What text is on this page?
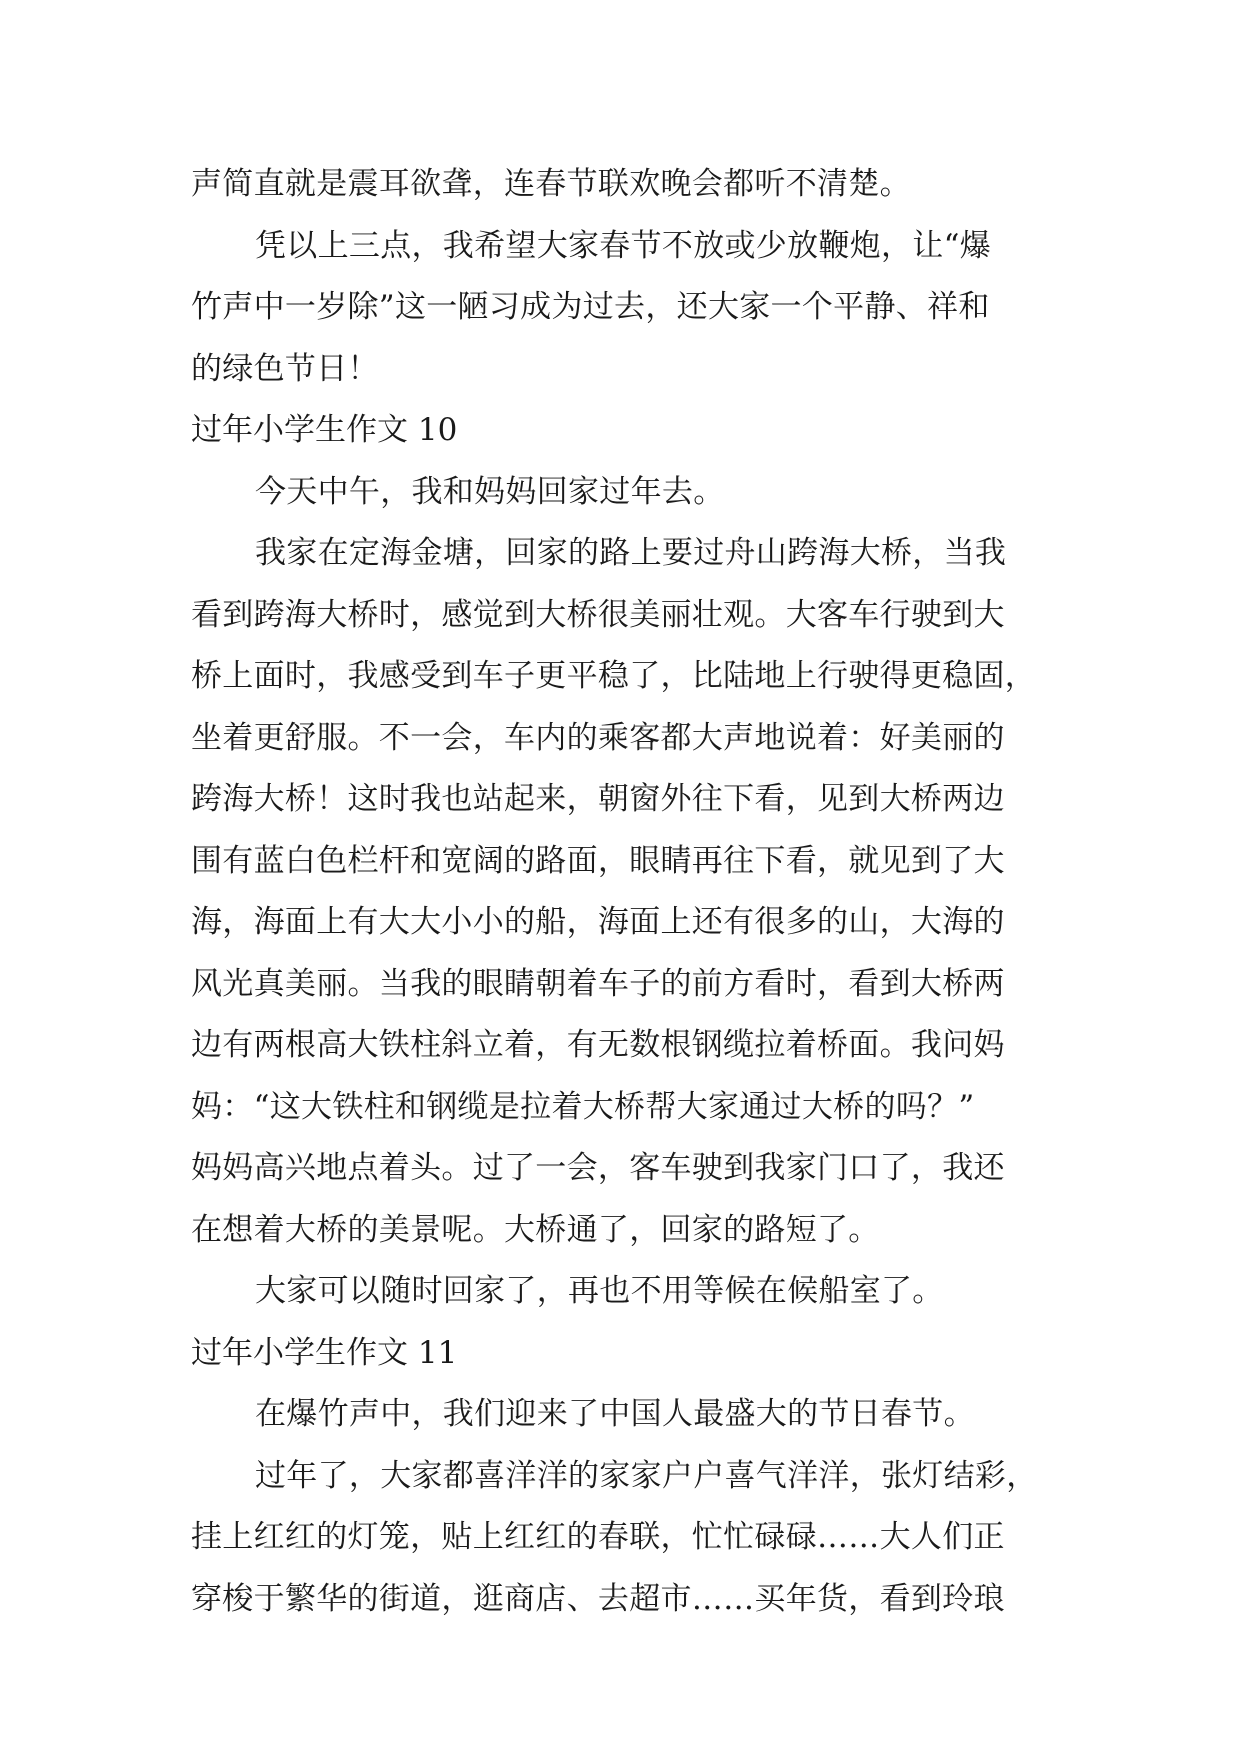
声简直就是震耳欲聋，连春节联欢晚会都听不清楚。
凭以上三点，我希望大家春节不放或少放鞭炮，让“爆
竹声中一岁除”这一陋习成为过去，还大家一个平静、祥和
的绿色节日！
过年小学生作文 10
今天中午，我和妈妈回家过年去。
我家在定海金塘，回家的路上要过舟山跨海大桥，当我
看到跨海大桥时，感觉到大桥很美丽壮观。大客车行驶到大
桥上面时，我感受到车子更平稳了，比陆地上行驶得更稳固，
坐着更舒服。不一会，车内的乘客都大声地说着：好美丽的
跨海大桥！这时我也站起来，朝窗外往下看，见到大桥两边
围有蓝白色栏杆和宽阔的路面，眼睛再往下看，就见到了大
海，海面上有大大小小的船，海面上还有很多的山，大海的
风光真美丽。当我的眼睛朝着车子的前方看时，看到大桥两
边有两根高大铁柱斜立着，有无数根钢缆拉着桥面。我问妈
妈：“这大铁柱和钢缆是拉着大桥帮大家通过大桥的吗？”
妈妈高兴地点着头。过了一会，客车驶到我家门口了，我还
在想着大桥的美景呢。大桥通了，回家的路短了。
大家可以随时回家了，再也不用等候在候船室了。
过年小学生作文 11
在爆竹声中，我们迎来了中国人最盛大的节日春节。
过年了，大家都喜洋洋的家家户户喜气洋洋，张灯结彩，
挂上红红的灯笼，贴上红红的春联，忙忙碌碌……大人们正
穿梭于繁华的街道，逛商店、去超市……买年货，看到玲琅
